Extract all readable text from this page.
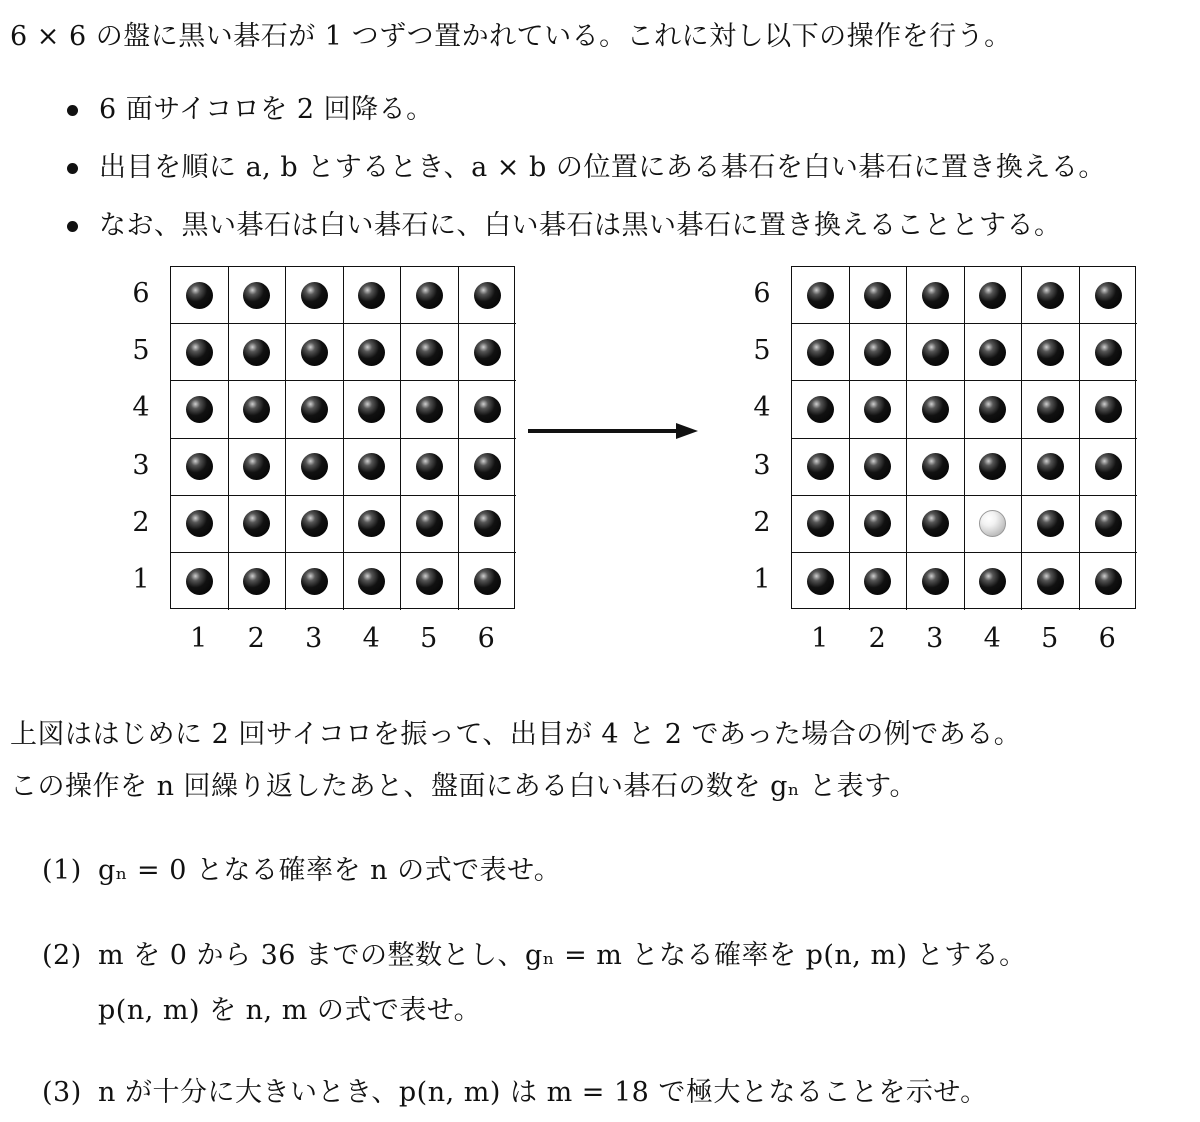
6 × 6 の盤に黒い碁石が 1 つずつ置かれている。これに対し以下の操作を行う。
6 面サイコロを 2 回降る。
出目を順に a, b とするとき、a × b の位置にある碁石を白い碁石に置き換える。
なお、黒い碁石は白い碁石に、白い碁石は黒い碁石に置き換えることとする。
上図ははじめに 2 回サイコロを振って、出目が 4 と 2 であった場合の例である。
この操作を n 回繰り返したあと、盤面にある白い碁石の数を gₙ と表す。
(1) gₙ = 0 となる確率を n の式で表せ。
(2) m を 0 から 36 までの整数とし、gₙ = m となる確率を p(n, m) とする。
p(n, m) を n, m の式で表せ。
(3) n が十分に大きいとき、p(n, m) は m = 18 で極大となることを示せ。
6
5
4
3
2
1
1 2 3 4 5 6
6
5
4
3
2
1
1 2 3 4 5 6
